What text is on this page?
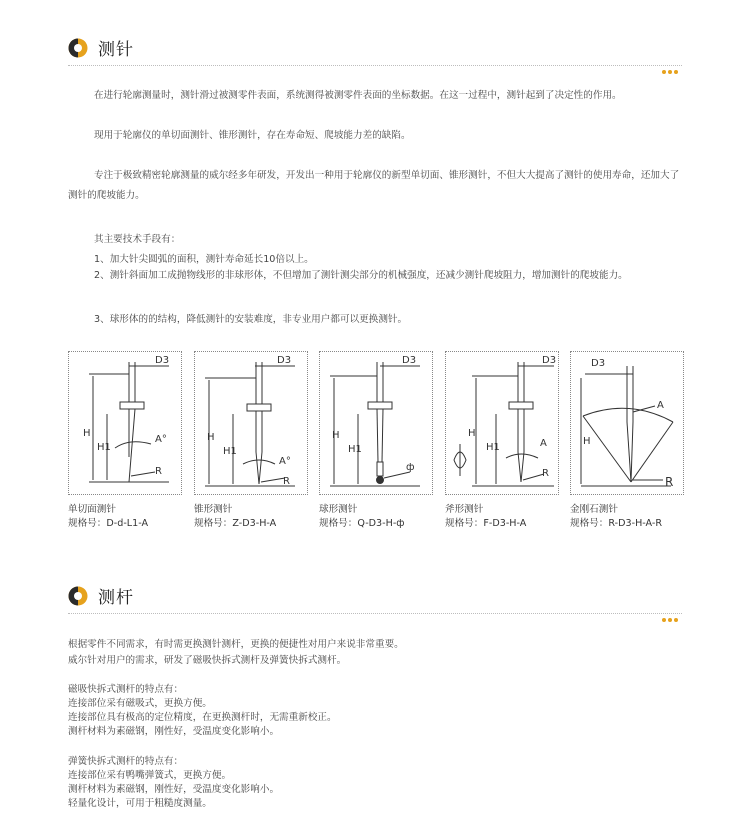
测针
在进行轮廓测量时，测针滑过被测零件表面，系统测得被测零件表面的坐标数据。在这一过程中，测针起到了决定性的作用。
现用于轮廓仪的单切面测针、锥形测针，存在寿命短、爬坡能力差的缺陷。
专注于极致精密轮廓测量的威尔经多年研发，开发出一种用于轮廓仪的新型单切面、锥形测针，不但大大提高了测针的使用寿命，还加大了测针的爬坡能力。
其主要技术手段有：
1、加大针尖圆弧的面积，测针寿命延长10倍以上。
2、测针斜面加工成抛物线形的非球形体，不但增加了测针测尖部分的机械强度，还减少测针爬坡阻力，增加测针的爬坡能力。
3、球形体的的结构，降低测针的安装难度，非专业用户都可以更换测针。
D3
H
H1
A°
R
D3
H
H1
A°
R
D3
H
H1
ф
D3
H
H1	A
R
D3
H
A
R
单切面测针
规格号：D-d-L1-A
锥形测针
规格号：Z-D3-H-A
球形测针
规格号：Q-D3-H-ф
斧形测针
规格号：F-D3-H-A
金刚石测针
规格号：R-D3-H-A-R
测杆
根据零件不同需求，有时需更换测针测杆，更换的便捷性对用户来说非常重要。
威尔针对用户的需求，研发了磁吸快拆式测杆及弹簧快拆式测杆。
磁吸快拆式测杆的特点有：
连接部位采有磁吸式，更换方便。
连接部位具有极高的定位精度，在更换测杆时，无需重新校正。
测杆材料为素磁钢，刚性好，受温度变化影响小。
弹簧快拆式测杆的特点有：
连接部位采有鸭嘴弹簧式，更换方便。
测杆材料为素磁钢，刚性好，受温度变化影响小。
轻量化设计，可用于粗糙度测量。
